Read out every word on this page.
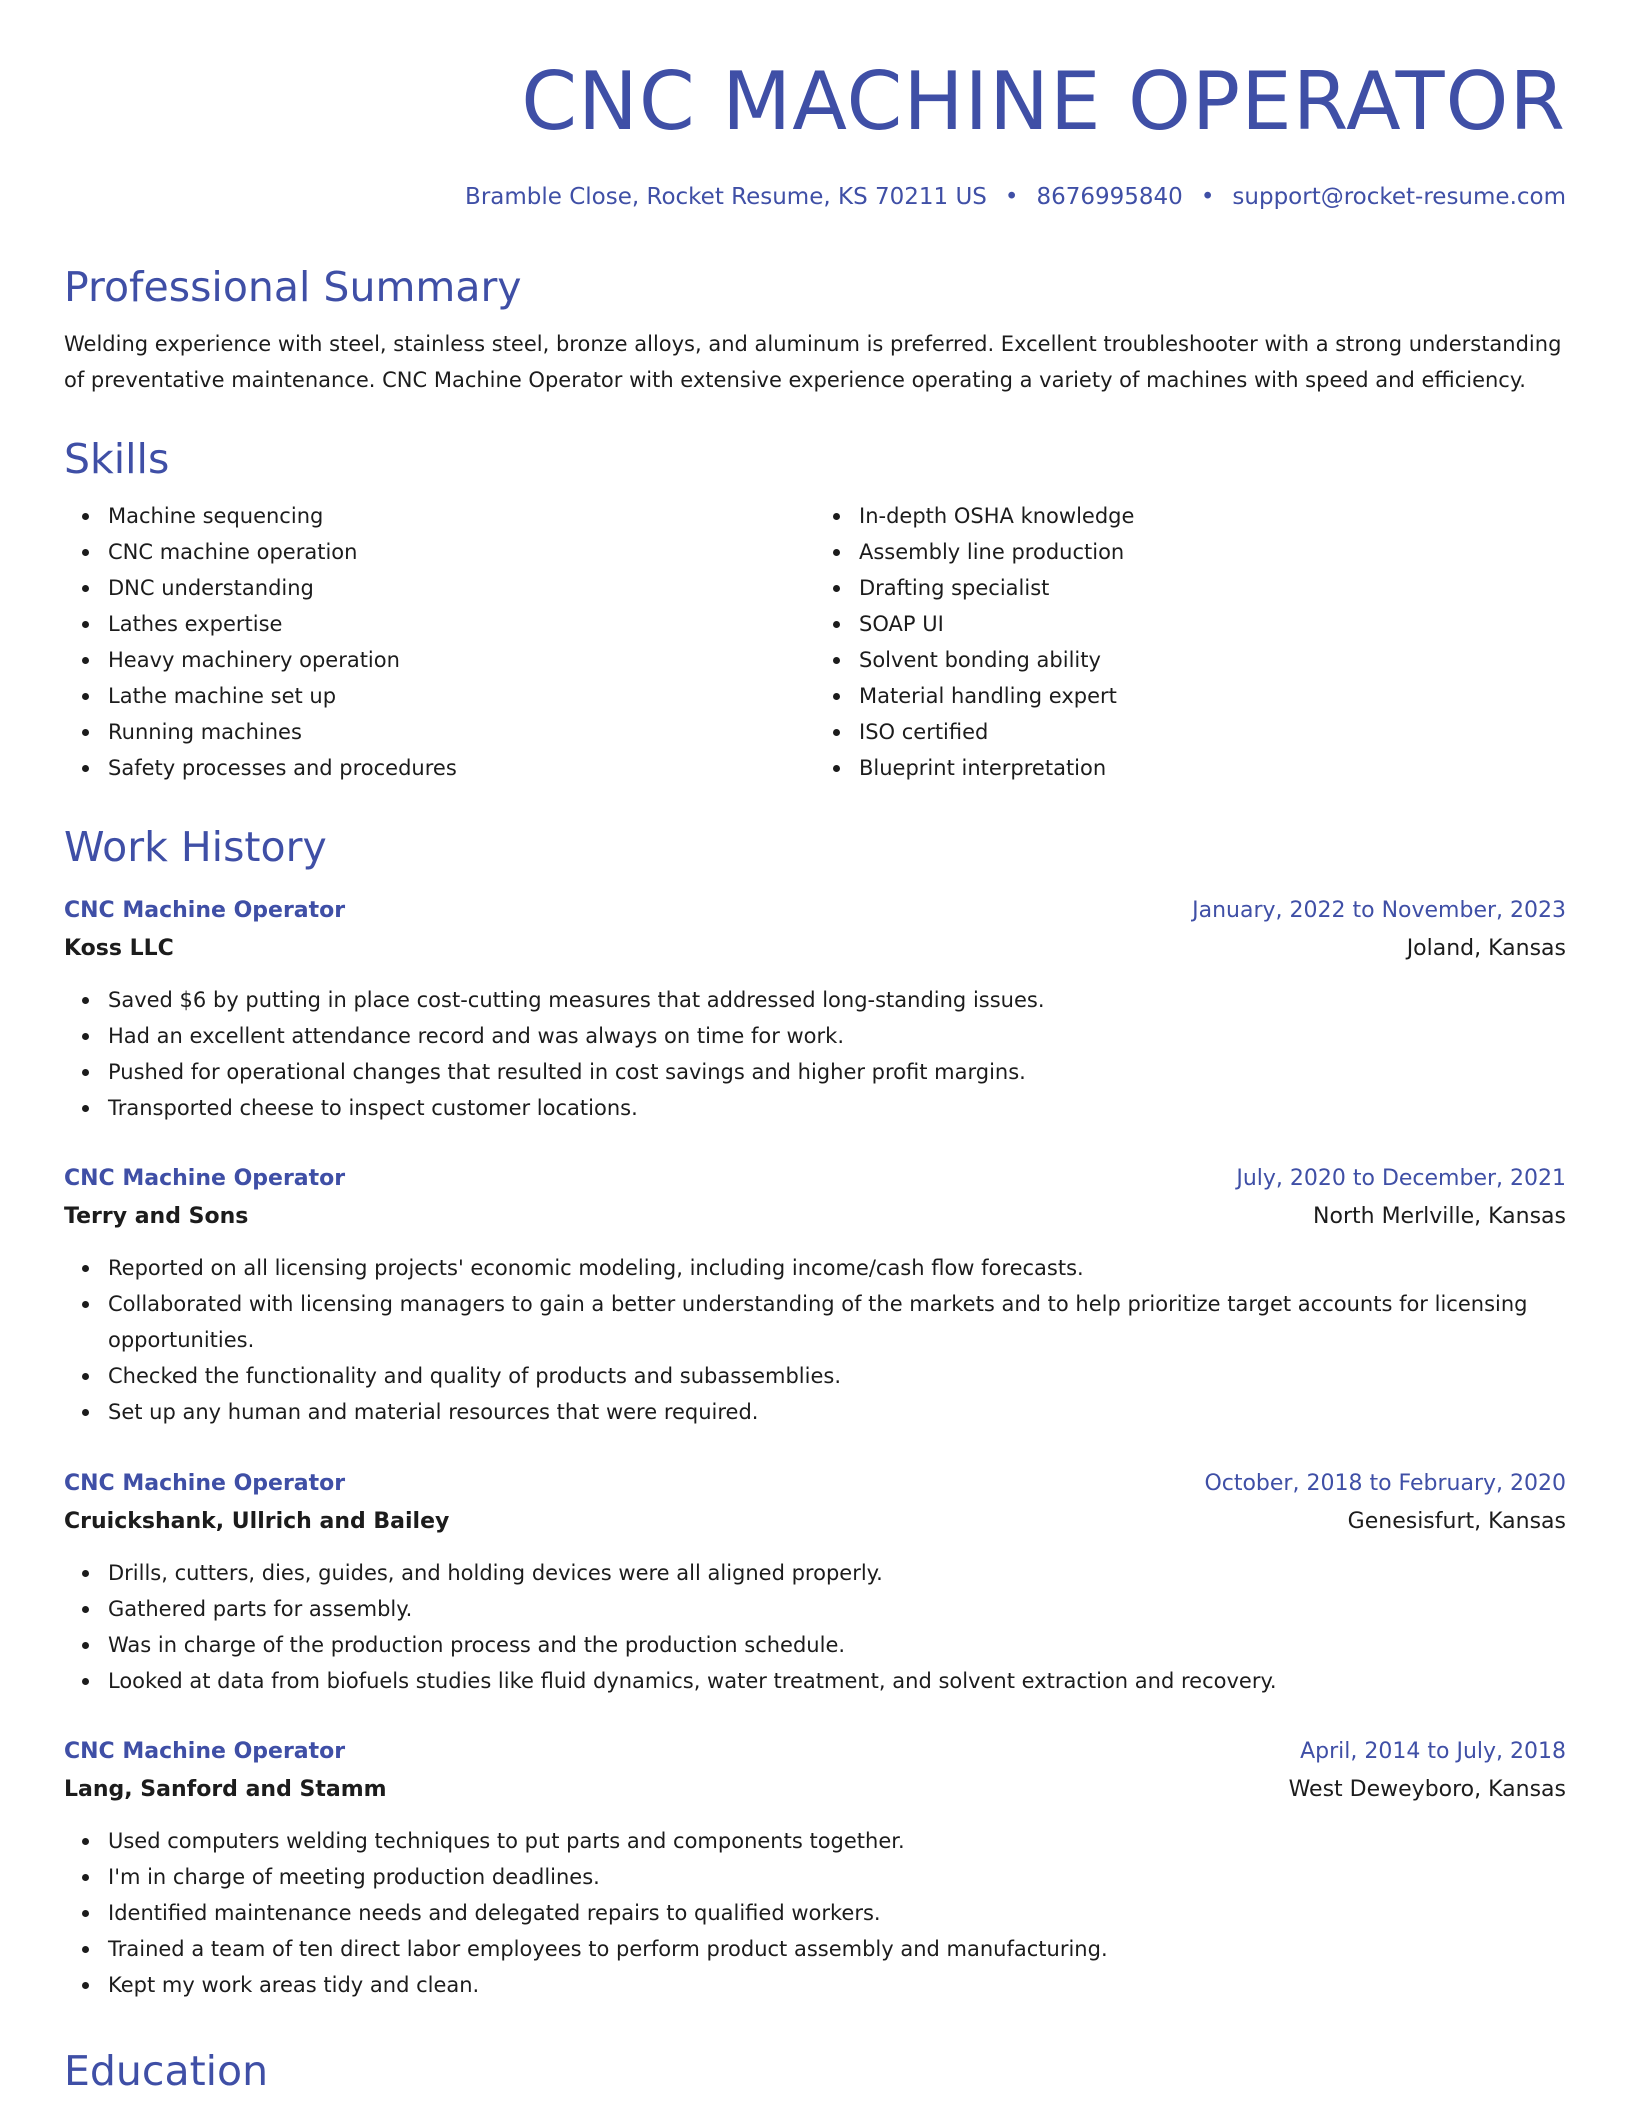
CNC MACHINE OPERATOR
Bramble Close, Rocket Resume, KS 70211 US • 8676995840 • support@rocket-resume.com
Professional Summary

Welding experience with steel, stainless steel, bronze alloys, and aluminum is preferred. Excellent troubleshooter with a strong understanding of preventative maintenance. CNC Machine Operator with extensive experience operating a variety of machines with speed and efficiency.

Skills
Machine sequencing
CNC machine operation
DNC understanding
Lathes expertise
Heavy machinery operation
Lathe machine set up
Running machines
Safety processes and procedures
In-depth OSHA knowledge
Assembly line production
Drafting specialist
SOAP UI
Solvent bonding ability
Material handling expert
ISO certified
Blueprint interpretation
Work History
CNC Machine Operator	January, 2022 to November, 2023
Koss LLC	Joland, Kansas
Saved $6 by putting in place cost-cutting measures that addressed long-standing issues.
Had an excellent attendance record and was always on time for work.
Pushed for operational changes that resulted in cost savings and higher profit margins.
Transported cheese to inspect customer locations.
CNC Machine Operator	July, 2020 to December, 2021
Terry and Sons	North Merlville, Kansas
Reported on all licensing projects' economic modeling, including income/cash flow forecasts.
Collaborated with licensing managers to gain a better understanding of the markets and to help prioritize target accounts for licensing opportunities.
Checked the functionality and quality of products and subassemblies.
Set up any human and material resources that were required.
CNC Machine Operator	October, 2018 to February, 2020
Cruickshank, Ullrich and Bailey	Genesisfurt, Kansas
Drills, cutters, dies, guides, and holding devices were all aligned properly.
Gathered parts for assembly.
Was in charge of the production process and the production schedule.
Looked at data from biofuels studies like fluid dynamics, water treatment, and solvent extraction and recovery.
CNC Machine Operator	April, 2014 to July, 2018
Lang, Sanford and Stamm	West Deweyboro, Kansas
Used computers welding techniques to put parts and components together.
I'm in charge of meeting production deadlines.
Identified maintenance needs and delegated repairs to qualified workers.
Trained a team of ten direct labor employees to perform product assembly and manufacturing.
Kept my work areas tidy and clean.
Education
